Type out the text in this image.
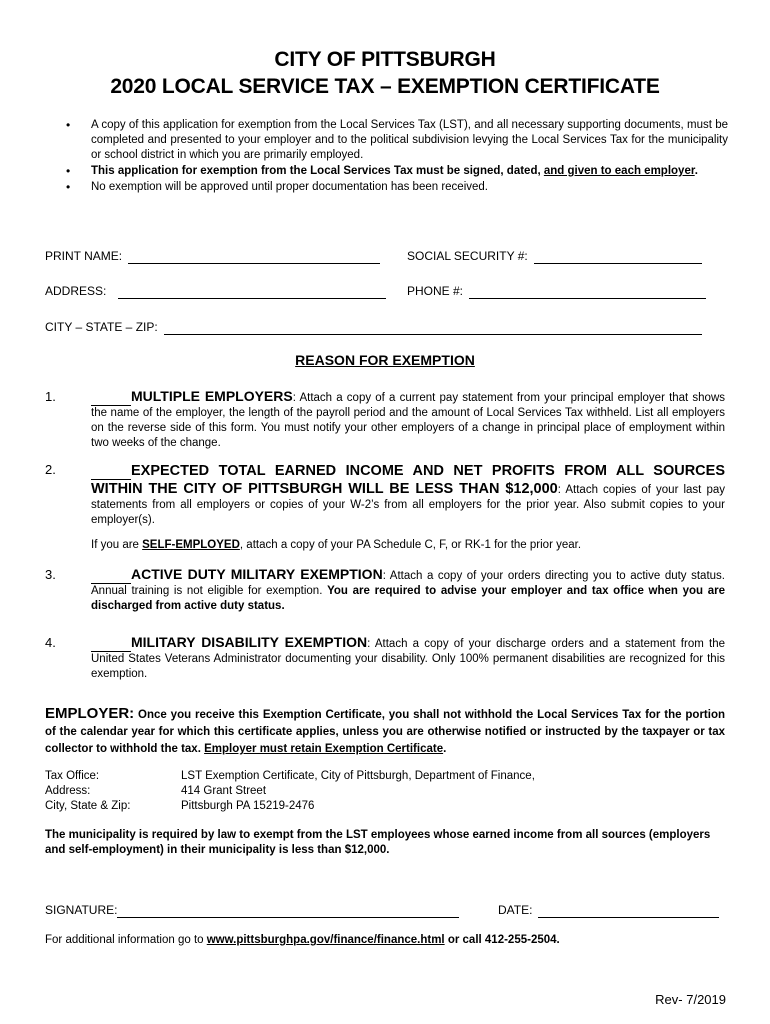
CITY OF PITTSBURGH
2020 LOCAL SERVICE TAX – EXEMPTION CERTIFICATE
• A copy of this application for exemption from the Local Services Tax (LST), and all necessary supporting documents, must be completed and presented to your employer and to the political subdivision levying the Local Services Tax for the municipality or school district in which you are primarily employed.
• This application for exemption from the Local Services Tax must be signed, dated, and given to each employer.
• No exemption will be approved until proper documentation has been received.
PRINT NAME:	SOCIAL SECURITY #:
ADDRESS:	PHONE #:
CITY – STATE – ZIP:
REASON FOR EXEMPTION
1.	MULTIPLE EMPLOYERS: Attach a copy of a current pay statement from your principal employer that shows the name of the employer, the length of the payroll period and the amount of Local Services Tax withheld. List all employers on the reverse side of this form. You must notify your other employers of a change in principal place of employment within two weeks of the change.
2.	EXPECTED TOTAL EARNED INCOME AND NET PROFITS FROM ALL SOURCES WITHIN THE CITY OF PITTSBURGH WILL BE LESS THAN $12,000: Attach copies of your last pay statements from all employers or copies of your W-2’s from all employers for the prior year. Also submit copies to your employer(s).
If you are SELF-EMPLOYED, attach a copy of your PA Schedule C, F, or RK-1 for the prior year.
3.	ACTIVE DUTY MILITARY EXEMPTION: Attach a copy of your orders directing you to active duty status. Annual training is not eligible for exemption. You are required to advise your employer and tax office when you are discharged from active duty status.
4.	MILITARY DISABILITY EXEMPTION: Attach a copy of your discharge orders and a statement from the United States Veterans Administrator documenting your disability. Only 100% permanent disabilities are recognized for this exemption.
EMPLOYER: Once you receive this Exemption Certificate, you shall not withhold the Local Services Tax for the portion of the calendar year for which this certificate applies, unless you are otherwise notified or instructed by the taxpayer or tax collector to withhold the tax. Employer must retain Exemption Certificate.
Tax Office:	LST Exemption Certificate, City of Pittsburgh, Department of Finance,
Address:	414 Grant Street
City, State & Zip:	Pittsburgh PA 15219-2476
The municipality is required by law to exempt from the LST employees whose earned income from all sources (employers and self-employment) in their municipality is less than $12,000.
SIGNATURE:	DATE:
For additional information go to www.pittsburghpa.gov/finance/finance.html or call 412-255-2504.
Rev- 7/2019
